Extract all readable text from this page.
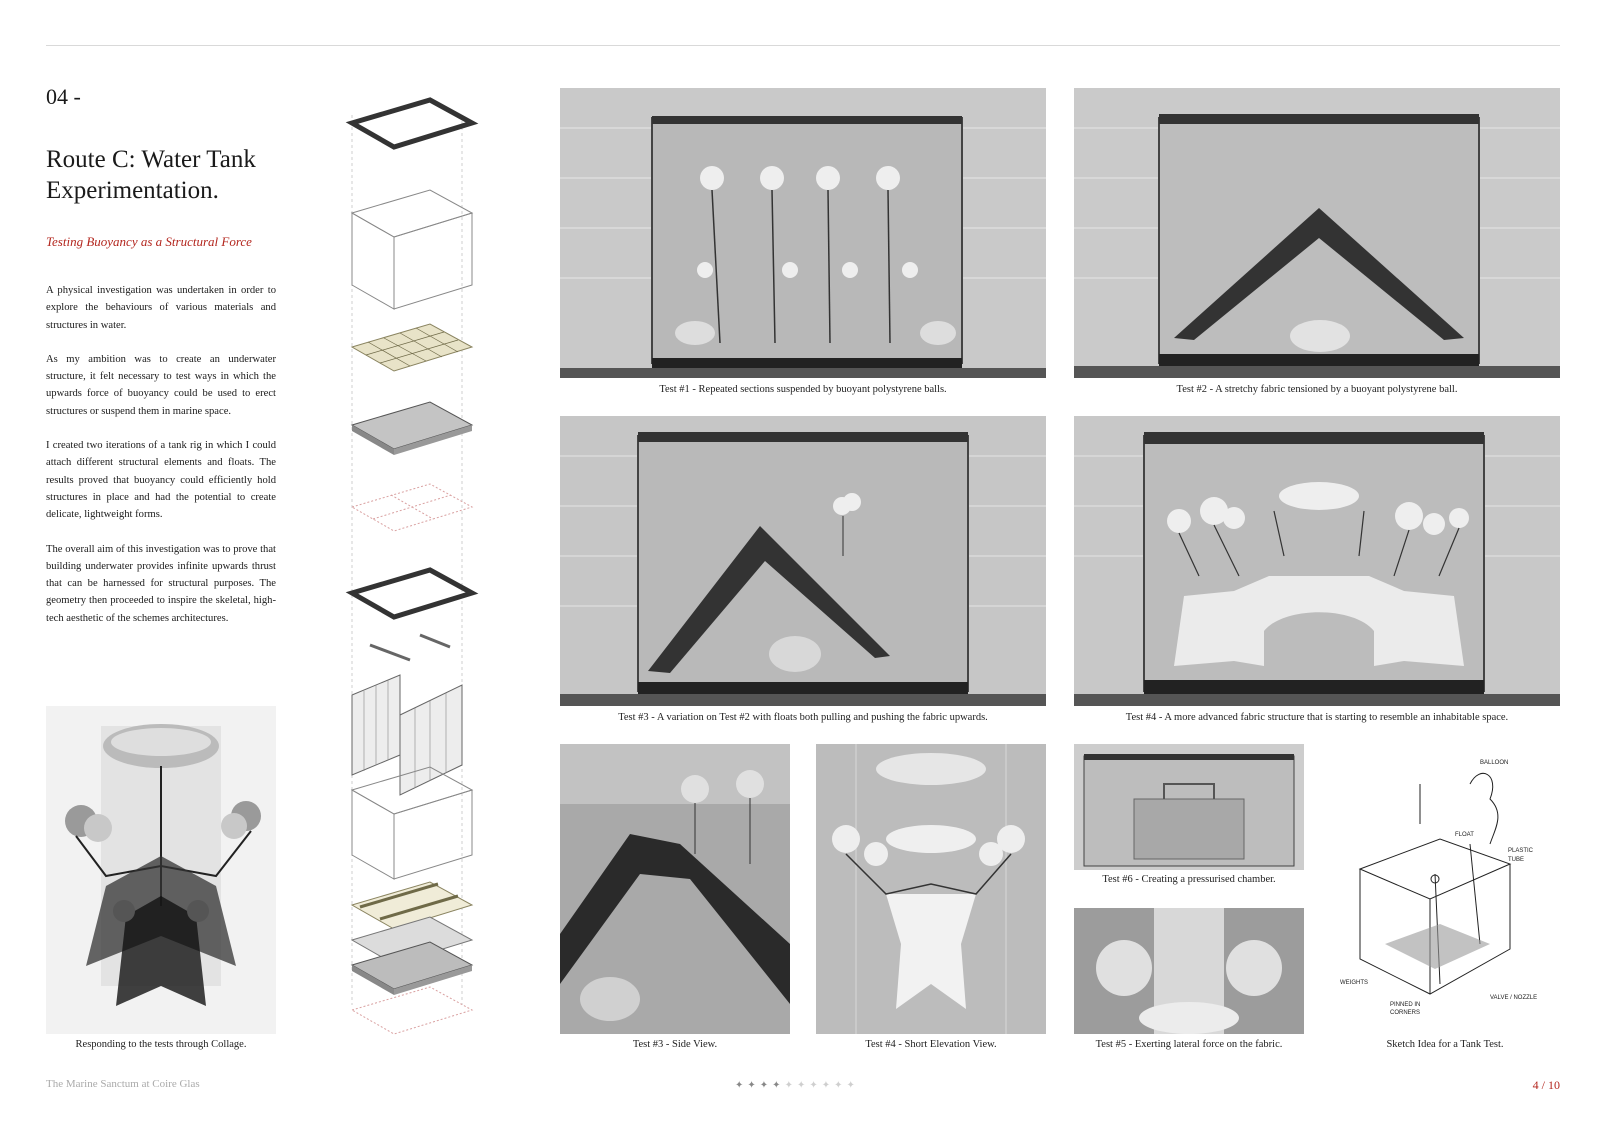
04 -
Route C: Water Tank
Experimentation.
Testing Buoyancy as a Structural Force

A physical investigation was undertaken in order to explore the behaviours of various materials and structures in water.

As my ambition was to create an underwater structure, it felt necessary to test ways in which the upwards force of buoyancy could be used to erect structures or suspend them in marine space.

I created two iterations of a tank rig in which I could attach different structural elements and floats. The results proved that buoyancy could efficiently hold structures in place and had the potential to create delicate, lightweight forms.

The overall aim of this investigation was to prove that building underwater provides infinite upwards thrust that can be harnessed for structural purposes. The geometry then proceeded to inspire the skeletal, high-tech aesthetic of the schemes architectures.

Responding to the tests through Collage.
Test #1 - Repeated sections suspended by buoyant polystyrene balls.	Test #2 - A stretchy fabric tensioned by a buoyant polystyrene ball.
Test #3 - A variation on Test #2 with floats both pulling and pushing the fabric upwards.	Test #4 - A more advanced fabric structure that is starting to resemble an inhabitable space.
Test #3 - Side View.	Test #4 - Short Elevation View.
Test #6 - Creating a pressurised chamber.
Test #5 - Exerting lateral force on the fabric.
BALLOON
FLOAT
PLASTIC
TUBE
WEIGHTS
PINNED IN
CORNERS
VALVE / NOZZLE
Sketch Idea for a Tank Test.
The Marine Sanctum at Coire Glas	✦ ✦ ✦ ✦ ✦ ✦ ✦ ✦ ✦ ✦	4 / 10
